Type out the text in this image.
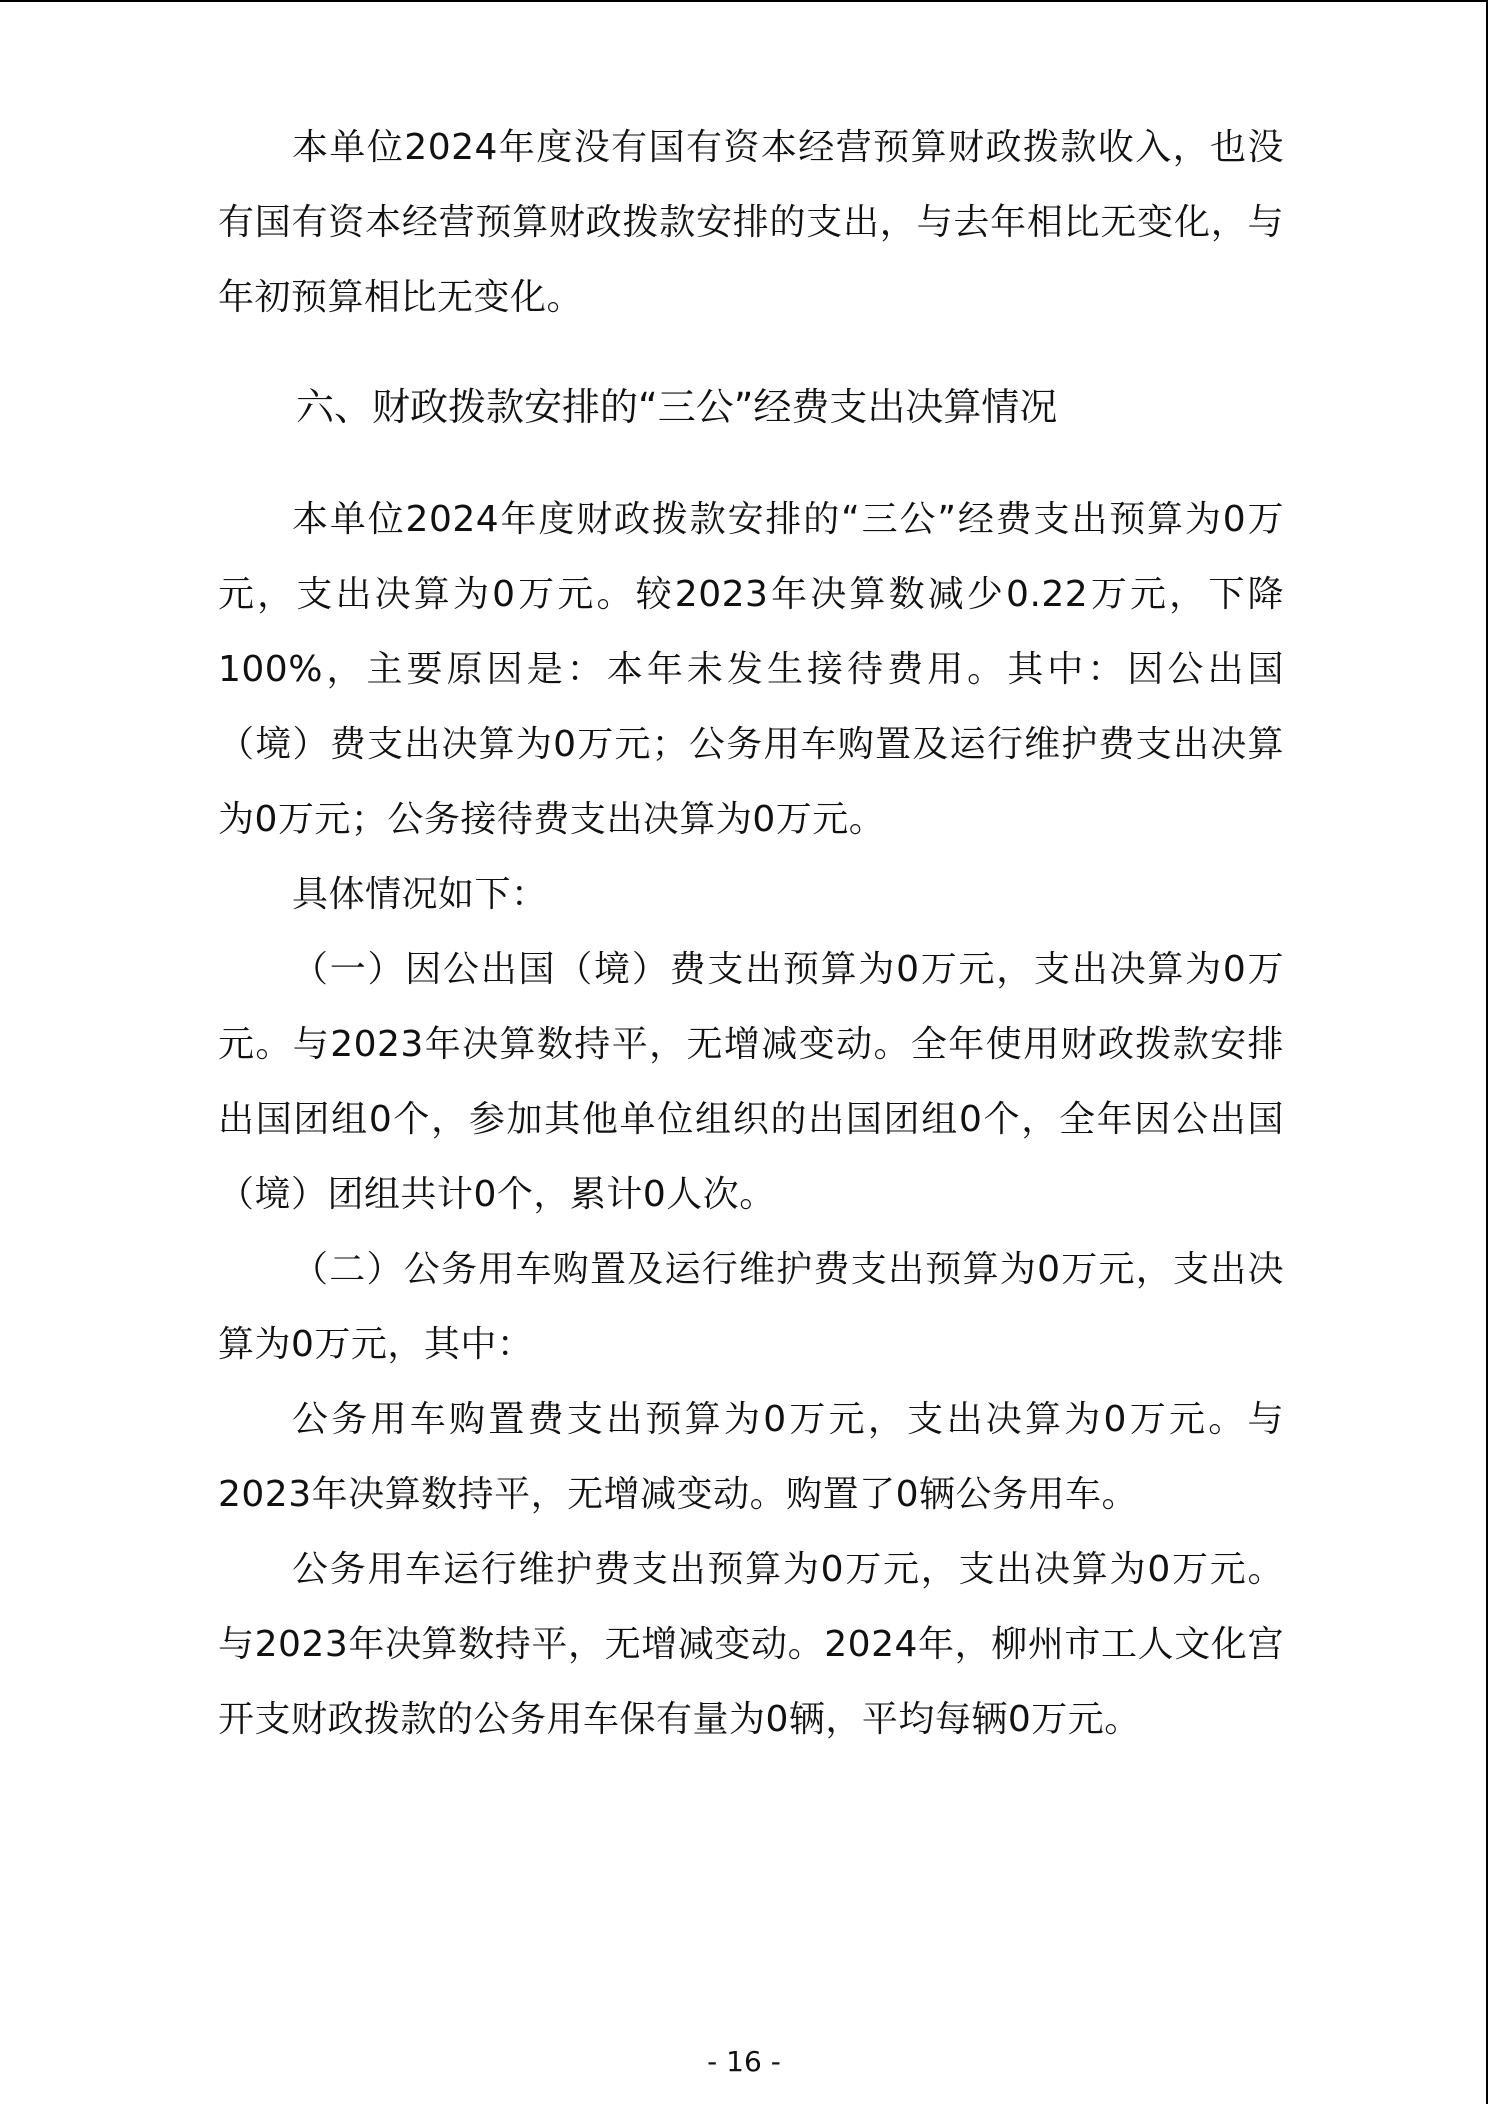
本单位2024年度没有国有资本经营预算财政拨款收入，也没有国有资本经营预算财政拨款安排的支出，与去年相比无变化，与年初预算相比无变化。

六、财政拨款安排的“三公”经费支出决算情况

本单位2024年度财政拨款安排的“三公”经费支出预算为0万元，支出决算为0万元。较2023年决算数减少0.22万元，下降100%，主要原因是：本年未发生接待费用。其中：因公出国（境）费支出决算为0万元；公务用车购置及运行维护费支出决算为0万元；公务接待费支出决算为0万元。

具体情况如下：

（一）因公出国（境）费支出预算为0万元，支出决算为0万元。与2023年决算数持平，无增减变动。全年使用财政拨款安排出国团组0个，参加其他单位组织的出国团组0个，全年因公出国（境）团组共计0个，累计0人次。

（二）公务用车购置及运行维护费支出预算为0万元，支出决算为0万元，其中：

公务用车购置费支出预算为0万元，支出决算为0万元。与2023年决算数持平，无增减变动。购置了0辆公务用车。

公务用车运行维护费支出预算为0万元，支出决算为0万元。与2023年决算数持平，无增减变动。2024年，柳州市工人文化宫开支财政拨款的公务用车保有量为0辆，平均每辆0万元。

- 16 -
